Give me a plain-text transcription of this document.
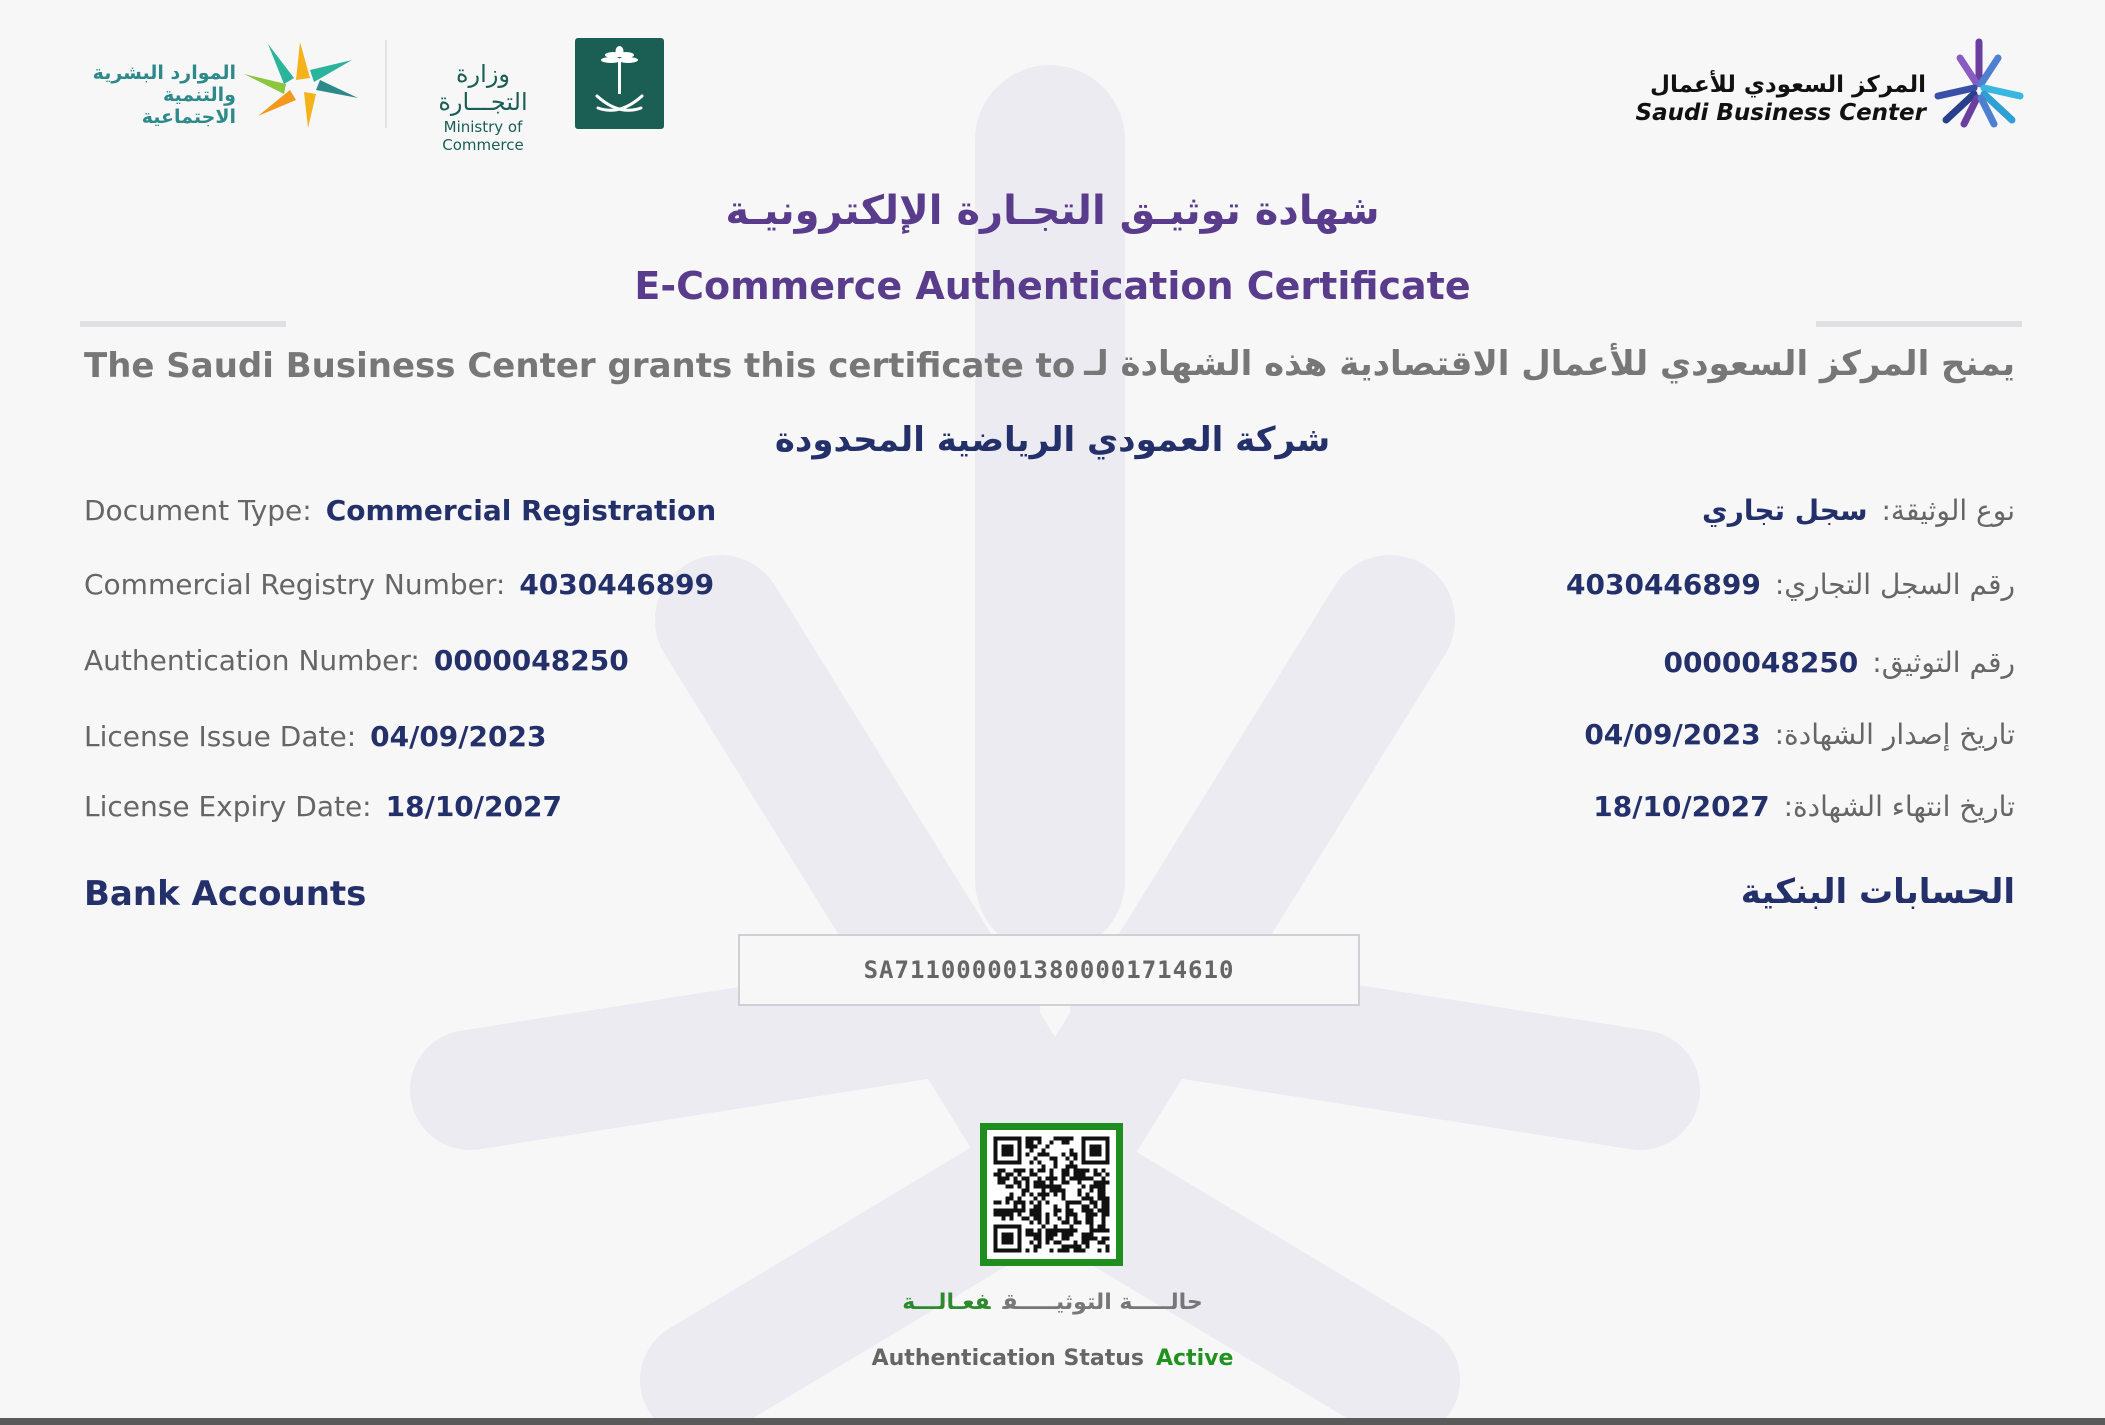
الموارد البشرية
والتنمية الاجتماعية
وزارة التجـــارة
Ministry of Commerce
المركز السعودي للأعمال
Saudi Business Center
شهادة توثيـق التجـارة الإلكترونيـة
E-Commerce Authentication Certificate
The Saudi Business Center grants this certificate to يمنح المركز السعودي للأعمال الاقتصادية هذه الشهادة لـ
شركة العمودي الرياضية المحدودة
Document Type: Commercial Registration
Commercial Registry Number: 4030446899
Authentication Number: 0000048250
License Issue Date: 04/09/2023
License Expiry Date: 18/10/2027
نوع الوثيقة:سجل تجاري
رقم السجل التجاري:4030446899
رقم التوثيق:0000048250
تاريخ إصدار الشهادة:04/09/2023
تاريخ انتهاء الشهادة:18/10/2027
Bank Accounts	الحسابات البنكية
SA7110000013800001714610
حالـــــة التوثيـــــقفعـالـــة
Authentication Status Active
